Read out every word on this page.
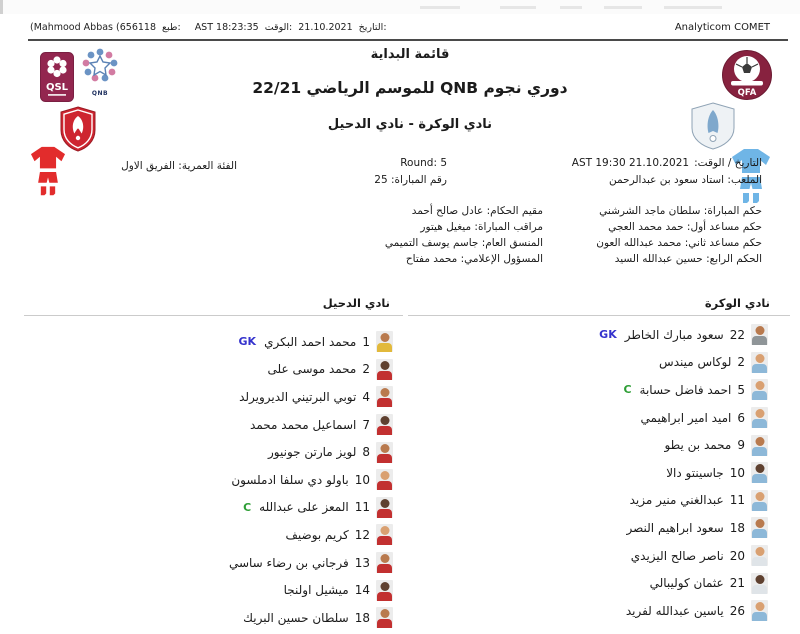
(Mahmood Abbas (656118 طبع: AST 18:23:35 الوقت: 21.10.2021 التاريخ:	Analyticom COMET
قائمة البداية
دوري نجوم QNB للموسم الرياضي 22/21
نادي الوكرة - نادي الدحيل
QSL
QNB	QFA
التاريخ / الوقت:
AST 19:30 21.10.2021
الملعب: استاد سعود بن عبدالرحمن
Round: 5
رقم المباراة: 25
الفئة العمرية: الفريق الاول
حكم المباراة: سلطان ماجد الشرشني
حكم مساعد أول: حمد محمد العجي
حكم مساعد ثاني: محمد عبدالله العون
الحكم الرابع: حسين عبدالله السيد
مقيم الحكام: عادل صالح أحمد
مراقب المباراة: ميغيل هيتور
المنسق العام: جاسم يوسف التميمي
المسؤول الإعلامي: محمد مفتاح
نادي الوكرة
22
سعود مبارك الخاطر
GK
2
لوكاس ميندس
5
احمد فاضل حسابة
C
6
اميد امير ابراهيمي
9
محمد بن يطو
10
جاسينتو دالا
11
عبدالغني منير مزيد
18
سعود ابراهيم النصر
20
ناصر صالح اليزيدي
21
عثمان كوليبالي
26
ياسين عبدالله لفريد
نادي الدحيل
1
محمد احمد البكري
GK
2
محمد موسى على
4
توبي البرتيني الديرويرلد
7
اسماعيل محمد محمد
8
لويز مارتن جونيور
10
باولو دي سلفا ادملسون
11
المعز على عبدالله
C
12
كريم بوضيف
13
فرجاني بن رضاء ساسي
14
ميشيل اولنجا
18
سلطان حسين البريك
